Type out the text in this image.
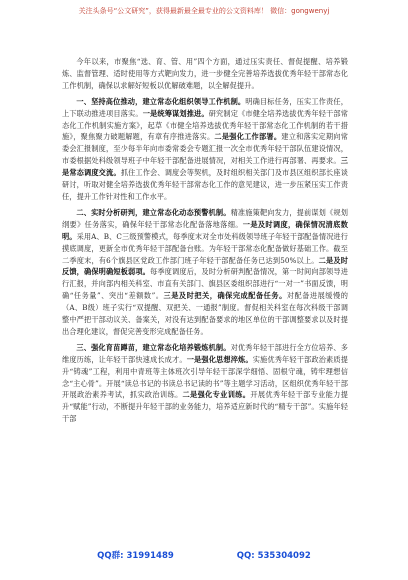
关注头条号“公文研究”，获得最新最全最专业的公文资料库！ 微信：gongwenyj

今年以来，市聚焦“选、育、管、用”四个方面，通过压实责任、督促提醒、培养锻炼、监督管理、适时使用等方式靶向发力，进一步健全完善培养选拔优秀年轻干部常态化工作机制，确保以求解好短板以优解破难题，以全解促提升。

一、坚持高位推动，建立常态化组织领导工作机制。明确目标任务，压实工作责任，上下联动推进项目落实。一是统筹谋划推进。研究制定《市健全培养选拔优秀年轻干部常态化工作机制实施方案》，起草《市健全培养选拔优秀年轻干部常态化工作机制的若干措施》，聚焦聚力破题解题，有章有序推进落实。二是强化工作部署。建立和落实定期向常委会汇报制度，至少每半年向市委常委会专题汇报一次全市优秀年轻干部队伍建设情况，市委根据处科级领导班子中年轻干部配备进展情况，对相关工作进行再部署、再要求。三是常态调度交流。抓住工作会、调度会等契机，及时组织相关部门及市县区组织部长座谈研讨，听取对健全培养选拔优秀年轻干部常态化工作的意见建议，进一步压紧压实工作责任，提升工作针对性和工作水平。

二、实时分析研判，建立常态化动态预警机制。精准施策靶向发力，提前谋划《规划纲要》任务落实，确保年轻干部常态化配备落地落细。一是及时调度，确保情况清底数明。采用A、B、C三级预警模式，每季度末对全市处科级领导班子年轻干部配备情况进行摸底调度，更新全市优秀年轻干部配备台账。为年轻干部常态化配备做好基础工作。截至二季度末，有6个旗县区党政工作部门班子年轻干部配备任务已达到50%以上。二是及时反馈，确保明确短板弱项。每季度调度后，及时分析研判配备情况，第一时间向部领导进行汇报，并向部内相关科室、市直有关部门、旗县区委组织部进行“一对一”书面反馈，明确“任务量”、突出“差额数”。三是及时把关，确保完成配备任务。对配备进展缓慢的（A、B级）班子实行“双提醒、双把关、一通报”制度。督促相关科室在每次科级干部调整中严把干部动议关、备案关，对没有达到配备要求的地区单位的干部调整要求以及时提出合理化建议，督促完善变形完成配备任务。

三、强化育苗蹲苗，建立常态化培养锻炼机制。对优秀年轻干部进行全方位培养、多维度历练，让年轻干部快速成长成才。一是强化思想淬炼。实施优秀年轻干部政治素质提升“铸魂”工程，利用中青班等主体班次引导年轻干部深学细悟、固根守魂，铸牢理想信念“主心骨”。开展“读总书记的书读总书记读的书”等主题学习活动，区组织优秀年轻干部开展政治素养考试，抓实政治训练。二是强化专业训练。开展优秀年轻干部专业能力提升“赋能”行动，不断提升年轻干部的业务能力，培养适应新时代的“精专干部”。实施年轻干部

QQ群: 31991489	QQ: 535304092
